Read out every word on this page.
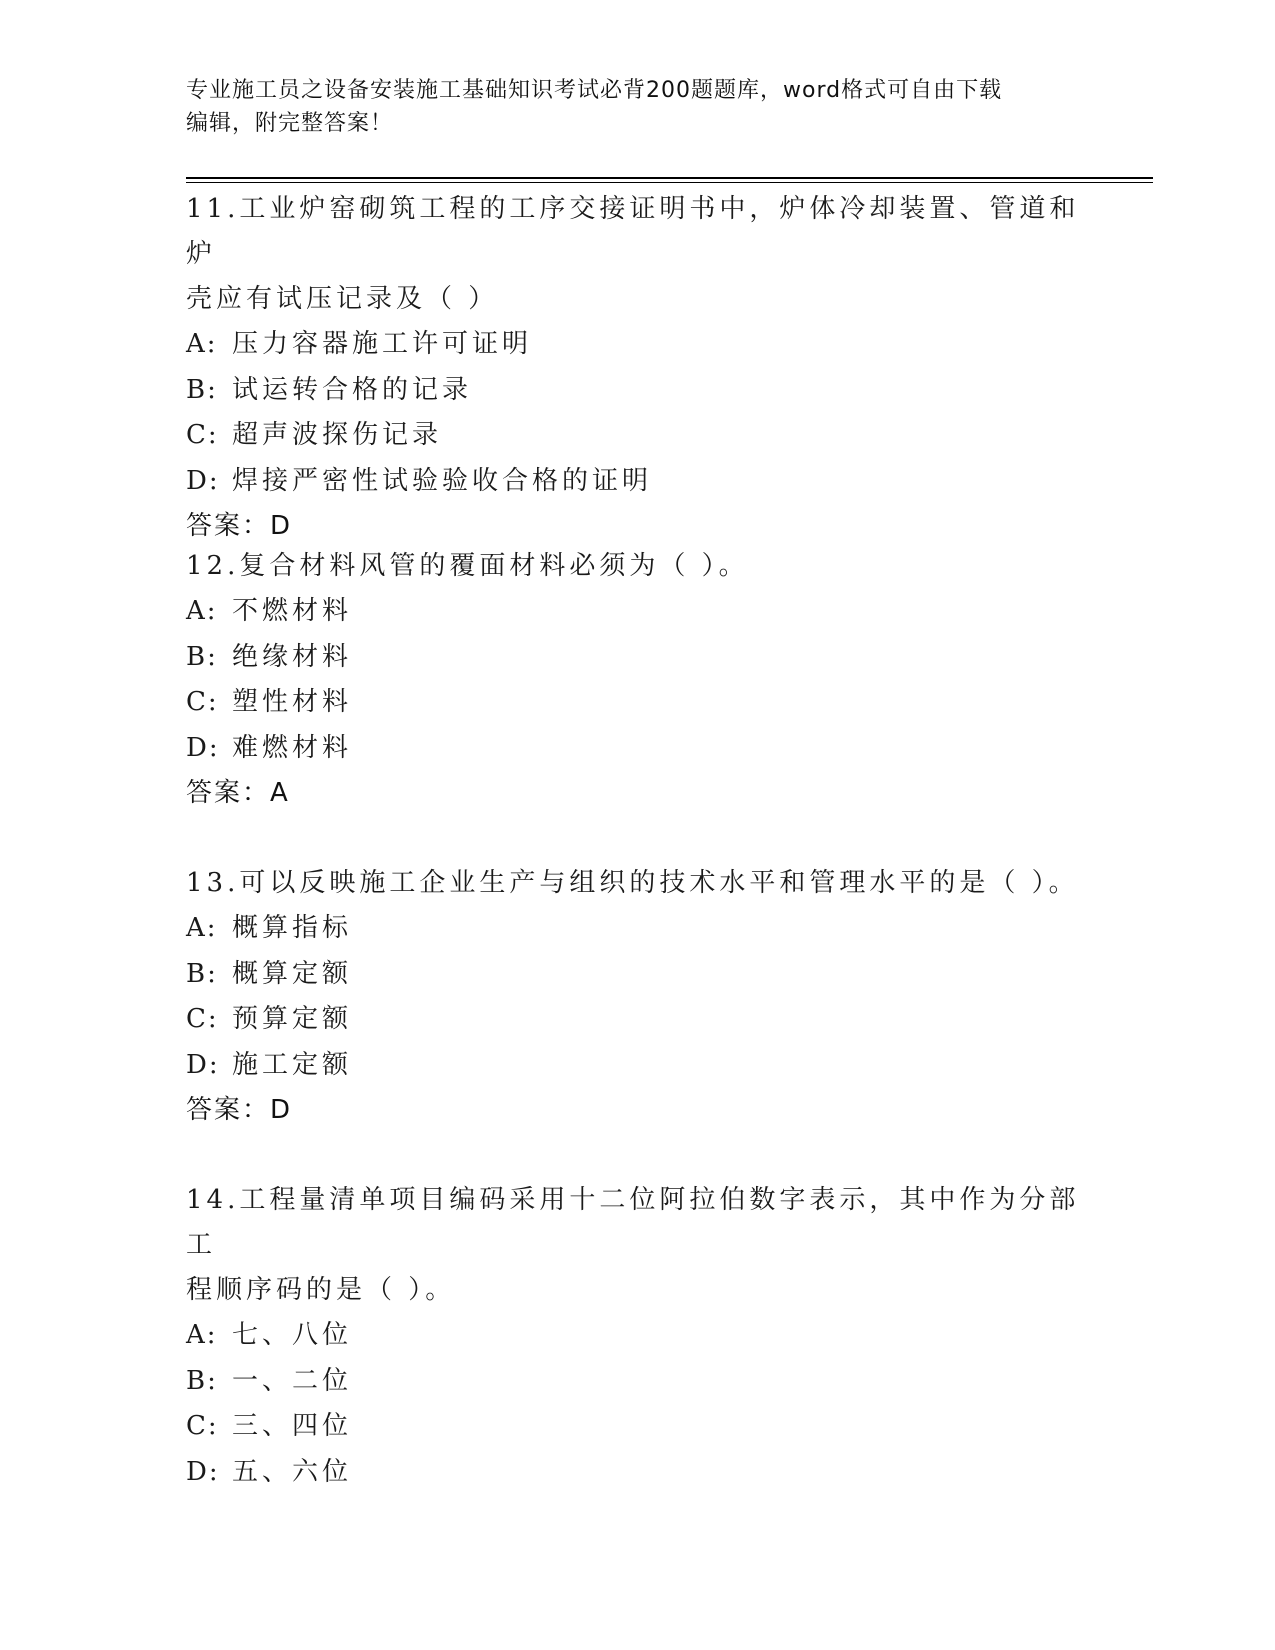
专业施工员之设备安装施工基础知识考试必背200题题库，word格式可自由下载
编辑，附完整答案！
11.工业炉窑砌筑工程的工序交接证明书中，炉体冷却装置、管道和炉
壳应有试压记录及（ ）
A: 压力容器施工许可证明
B: 试运转合格的记录
C: 超声波探伤记录
D: 焊接严密性试验验收合格的证明
答案：D
12.复合材料风管的覆面材料必须为（ ）。
A: 不燃材料
B: 绝缘材料
C: 塑性材料
D: 难燃材料
答案：A
13.可以反映施工企业生产与组织的技术水平和管理水平的是（ ）。
A: 概算指标
B: 概算定额
C: 预算定额
D: 施工定额
答案：D
14.工程量清单项目编码采用十二位阿拉伯数字表示，其中作为分部工
程顺序码的是（ ）。
A: 七、八位
B: 一、二位
C: 三、四位
D: 五、六位
